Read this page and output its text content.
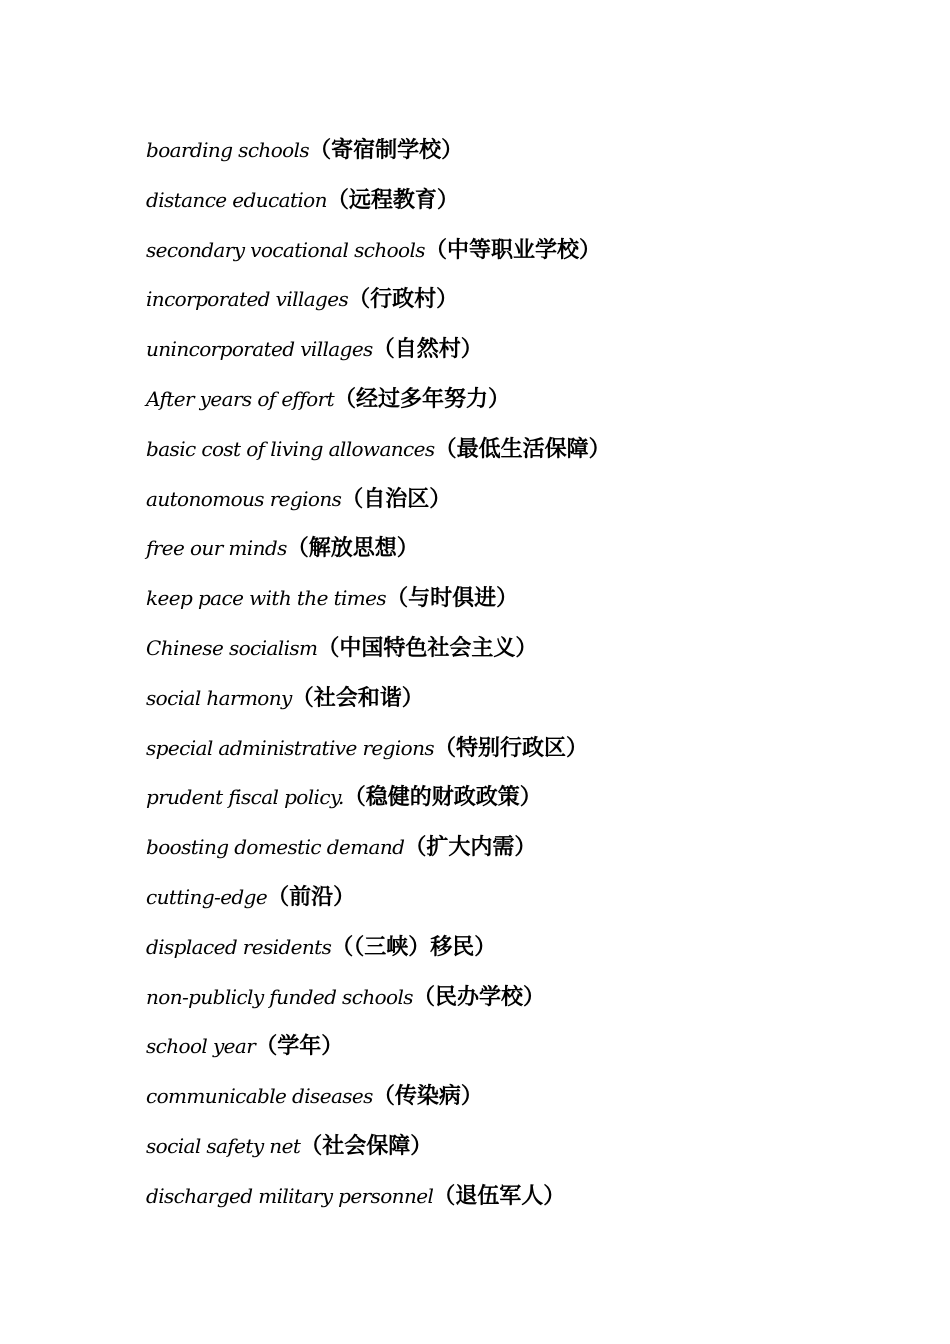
boarding schools（寄宿制学校）
distance education（远程教育）
secondary vocational schools（中等职业学校）
incorporated villages（行政村）
unincorporated villages（自然村）
After years of effort（经过多年努力）
basic cost of living allowances（最低生活保障）
autonomous regions（自治区）
free our minds（解放思想）
keep pace with the times（与时俱进）
Chinese socialism（中国特色社会主义）
social harmony（社会和谐）
special administrative regions（特别行政区）
prudent fiscal policy.（稳健的财政政策）
boosting domestic demand（扩大内需）
cutting-edge（前沿）
displaced residents（（三峡）移民）
non-publicly funded schools（民办学校）
school year（学年）
communicable diseases（传染病）
social safety net（社会保障）
discharged military personnel（退伍军人）
